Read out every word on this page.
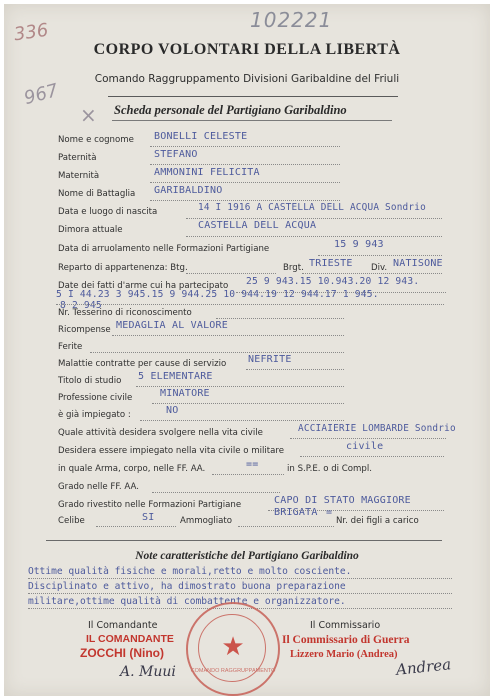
102221
336
967
×
CORPO VOLONTARI DELLA LIBERTÀ
Comando Raggruppamento Divisioni Garibaldine del Friuli
Scheda personale del Partigiano Garibaldino
Nome e cognome BONELLI CELESTE
Paternità	STEFANO
Maternità	AMMONINI FELICITA
Nome di Battaglia GARIBALDINO
Data e luogo di nascita	14 I 1916 A CASTELLA DELL ACQUA Sondrio
Dimora attuale	CASTELLA DELL ACQUA
Data di arruolamento nelle Formazioni Partigiane	15 9 943
Reparto di appartenenza: Btg.	Brgt. TRIESTE Div. NATISONE
Date dei fatti d'arme cui ha partecipato 25 9 943.15 10.943.20 12 943.
5 I 44.23 3 945.15 9 944.25 10 944.19 12 944.17 1 945.
8 2 945
Nr. Tesserino di riconoscimento
Ricompense MEDAGLIA AL VALORE
Ferite
Malattie contratte per cause di servizio NEFRITE
Titolo di studio 5 ELEMENTARE
Professione civile	MINATORE
è già impiegato :	NO
Quale attività desidera svolgere nella vita civile	ACCIAIERIE LOMBARDE Sondrio
Desidera essere impiegato nella vita civile o militare	civile
in quale Arma, corpo, nelle FF. AA.	==	in S.P.E. o di Compl.
Grado nelle FF. AA.
Grado rivestito nelle Formazioni Partigiane	CAPO DI STATO MAGGIORE
Celibe	SI	Ammogliato
BRIGATA =
Nr. dei figli a carico
Note caratteristiche del Partigiano Garibaldino
Ottime qualità fisiche e morali,retto e molto cosciente.
Disciplinato e attivo, ha dimostrato buona preparazione
militare,ottime qualità di combattente e organizzatore.
Il Comandante
IL COMANDANTE
ZOCCHI (Nino)
A. Muui
★
COMANDO RAGGRUPPAMENTO
Il Commissario
Il Commissario di Guerra
Lizzero Mario (Andrea)
Andrea
